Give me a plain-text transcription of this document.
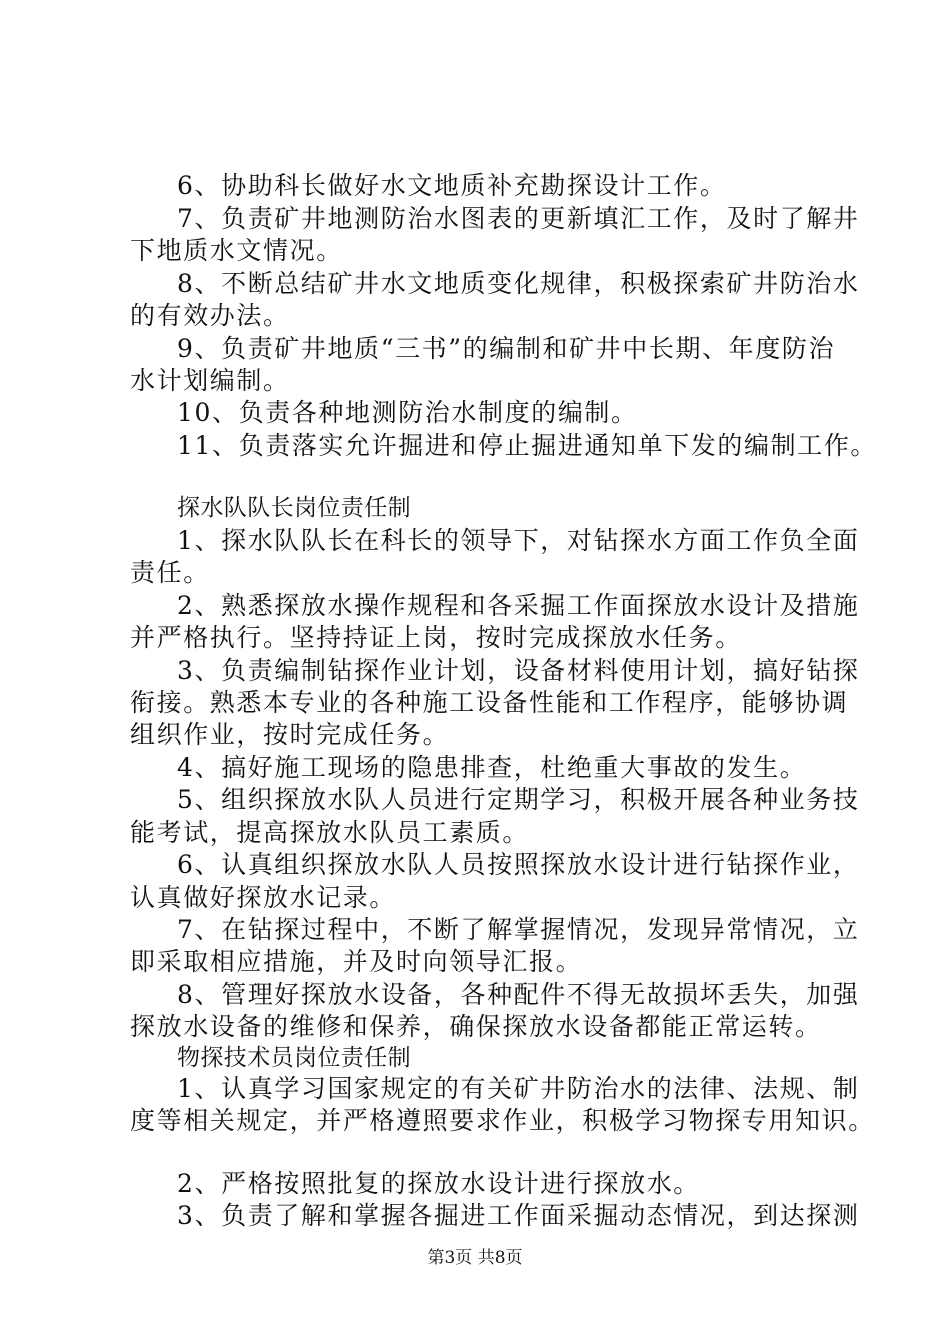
6、协助科长做好水文地质补充勘探设计工作。
7、负责矿井地测防治水图表的更新填汇工作，及时了解井
下地质水文情况。
8、不断总结矿井水文地质变化规律，积极探索矿井防治水
的有效办法。
9、负责矿井地质“三书”的编制和矿井中长期、年度防治
水计划编制。
10、负责各种地测防治水制度的编制。
11、负责落实允许掘进和停止掘进通知单下发的编制工作。
探水队队长岗位责任制
1、探水队队长在科长的领导下，对钻探水方面工作负全面
责任。
2、熟悉探放水操作规程和各采掘工作面探放水设计及措施
并严格执行。坚持持证上岗，按时完成探放水任务。
3、负责编制钻探作业计划，设备材料使用计划，搞好钻探
衔接。熟悉本专业的各种施工设备性能和工作程序，能够协调
组织作业，按时完成任务。
4、搞好施工现场的隐患排查，杜绝重大事故的发生。
5、组织探放水队人员进行定期学习，积极开展各种业务技
能考试，提高探放水队员工素质。
6、认真组织探放水队人员按照探放水设计进行钻探作业，
认真做好探放水记录。
7、在钻探过程中，不断了解掌握情况，发现异常情况，立
即采取相应措施，并及时向领导汇报。
8、管理好探放水设备，各种配件不得无故损坏丢失，加强
探放水设备的维修和保养，确保探放水设备都能正常运转。
物探技术员岗位责任制
1、认真学习国家规定的有关矿井防治水的法律、法规、制
度等相关规定，并严格遵照要求作业，积极学习物探专用知识。
2、严格按照批复的探放水设计进行探放水。
3、负责了解和掌握各掘进工作面采掘动态情况，到达探测
第3页 共8页
